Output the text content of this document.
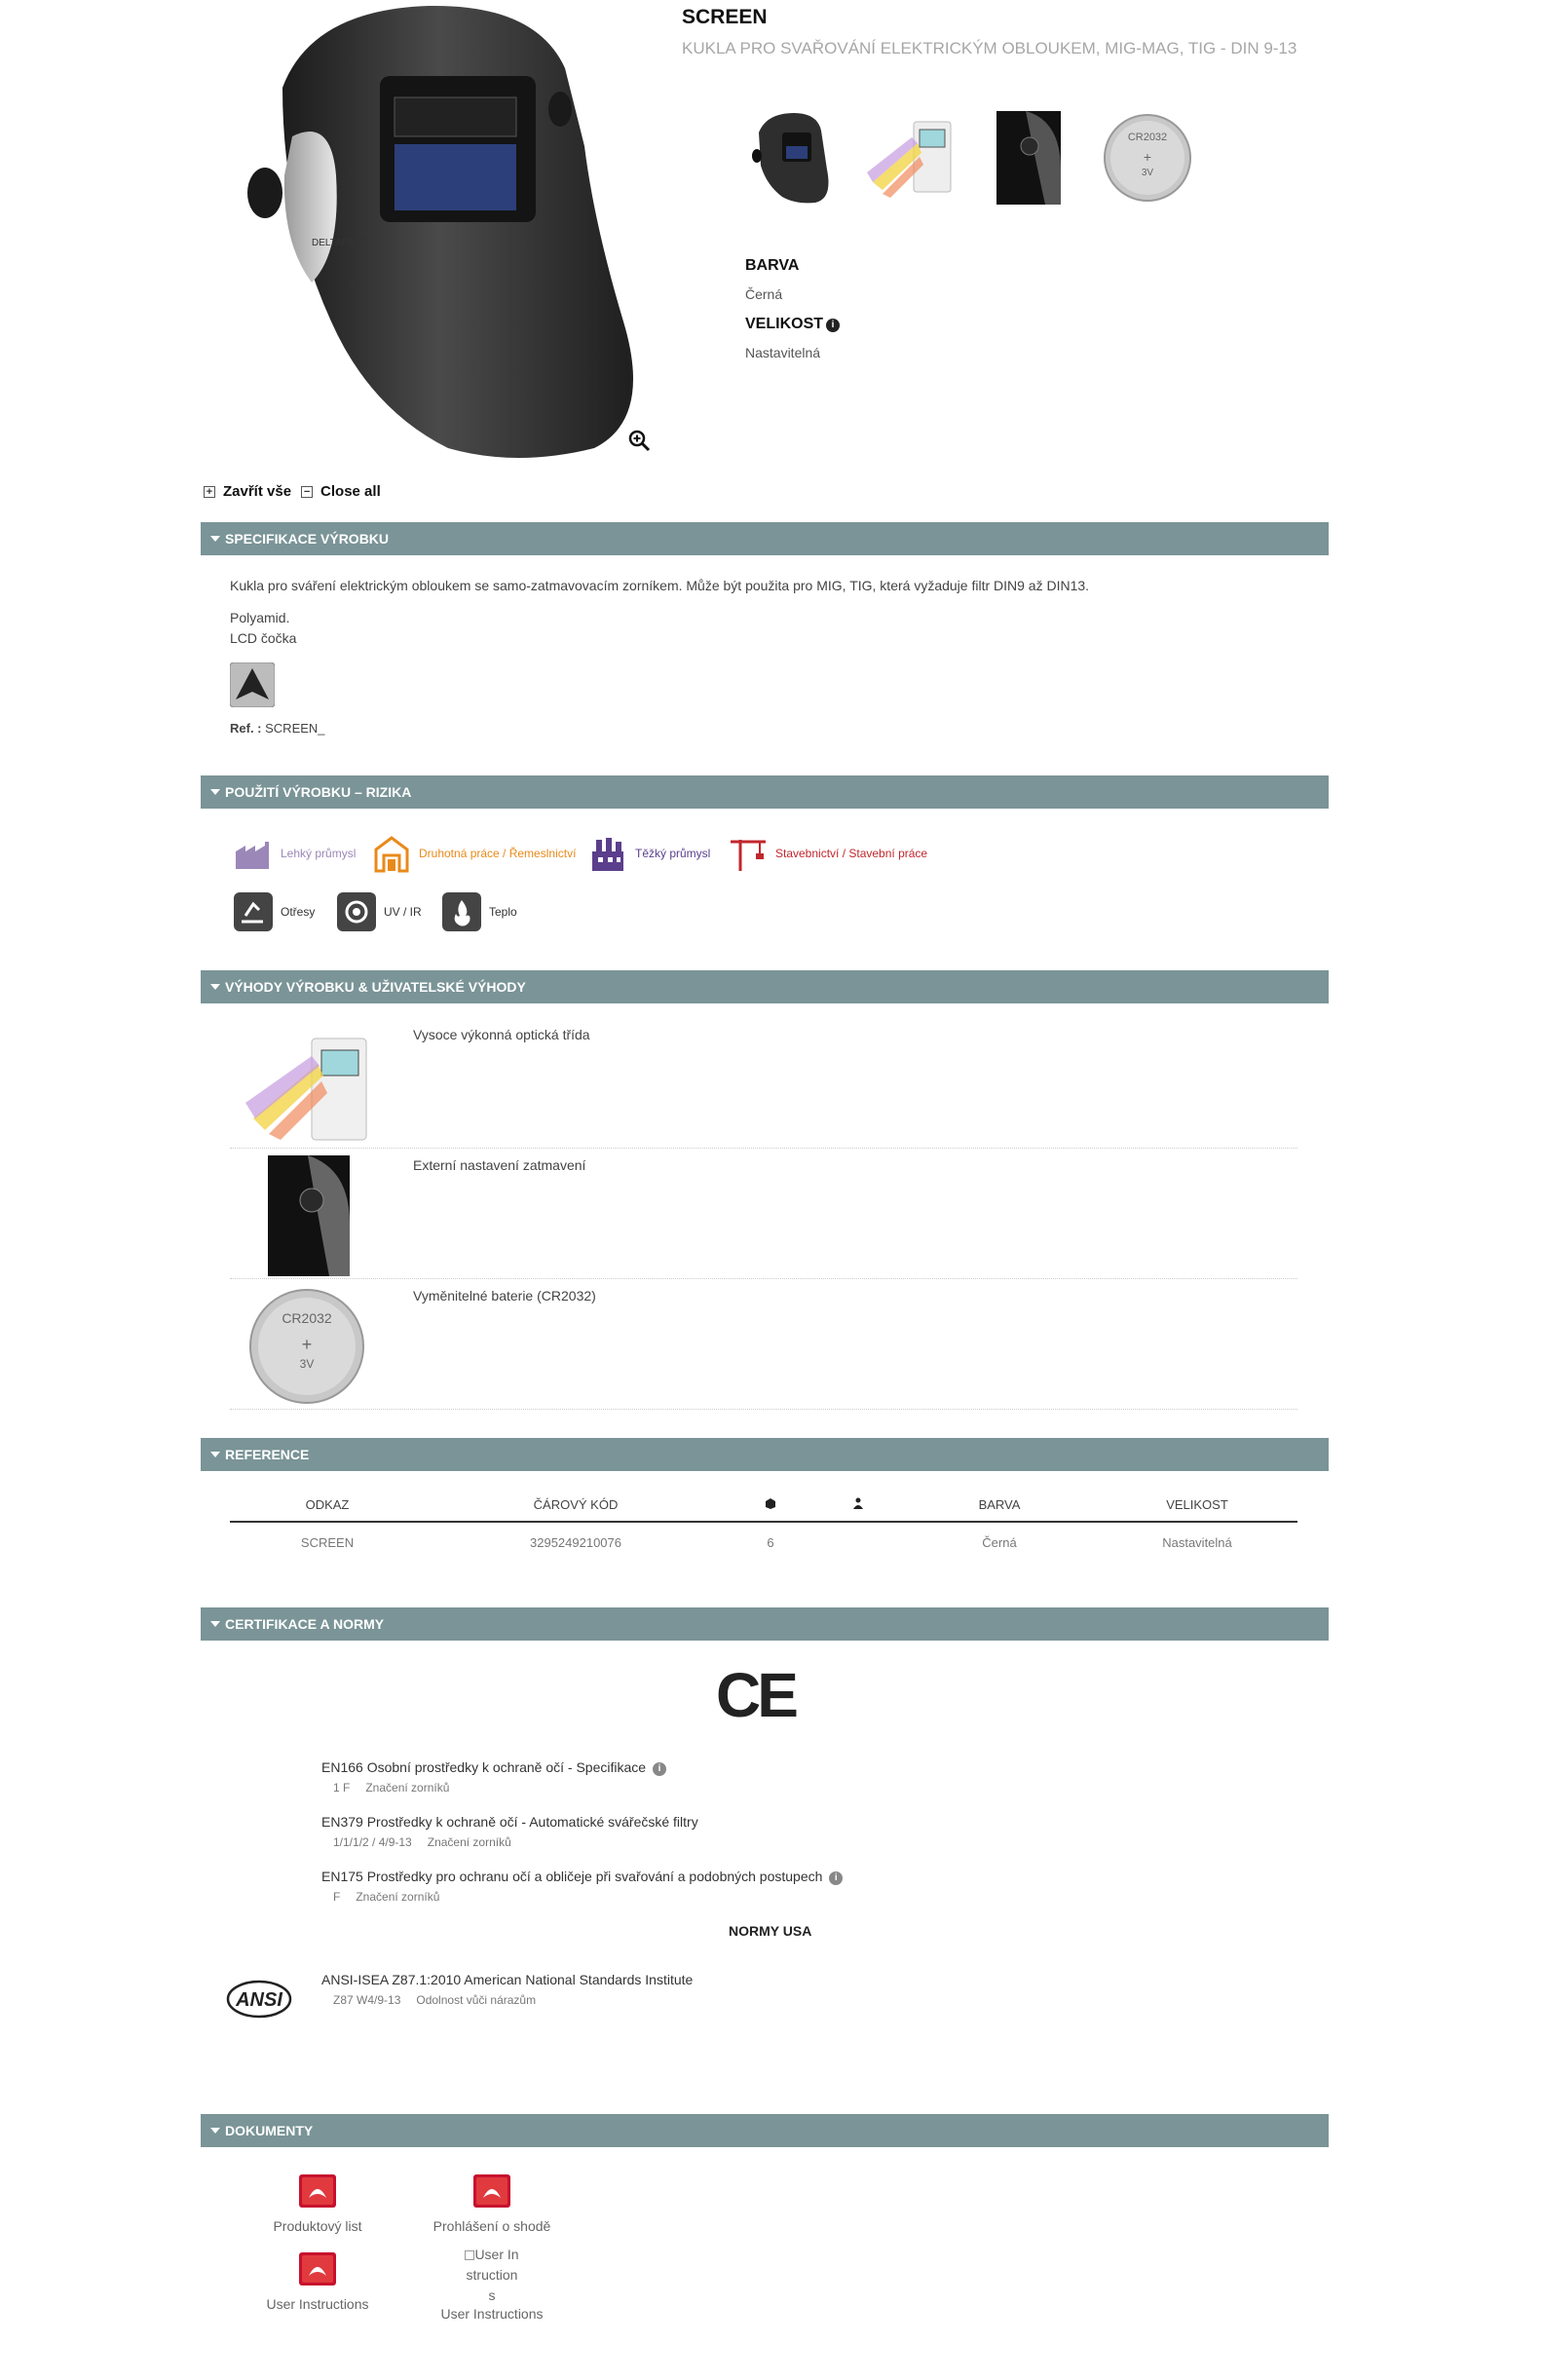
DELTAPLUS
SCREEN
KUKLA PRO SVAŘOVÁNÍ ELEKTRICKÝM OBLOUKEM, MIG-MAG, TIG - DIN 9-13
CR2032
+
3V
BARVA
Černá
VELIKOST i
Nastavitelná
+ Zavřít vše − Close all
SPECIFIKACE VÝROBKU
Kukla pro sváření elektrickým obloukem se samo-zatmavovacím zorníkem. Může být použita pro MIG, TIG, která vyžaduje filtr DIN9 až DIN13.
Polyamid.
LCD čočka
Ref. : SCREEN_
POUŽITÍ VÝROBKU – RIZIKA
Lehký průmysl	Druhotná práce / Řemeslnictví	Těžký průmysl	Stavebnictví / Stavební práce
Otřesy	UV / IR	Teplo
VÝHODY VÝROBKU & UŽIVATELSKÉ VÝHODY
Vysoce výkonná optická třída
Externí nastavení zatmavení
CR2032
+
3V
Vyměnitelné baterie (CR2032)
REFERENCE
ODKAZ	ČÁROVÝ KÓD			BARVA	VELIKOST
SCREEN	3295249210076	6		Černá	Nastavitelná
CERTIFIKACE A NORMY
CE
EN166 Osobní prostředky k ochraně očí - Specifikace i
1 F Značení zorníků
EN379 Prostředky k ochraně očí - Automatické svářečské filtry
1/1/1/2 / 4/9-13 Značení zorníků
EN175 Prostředky pro ochranu očí a obličeje při svařování a podobných postupech i
F Značení zorníků
NORMY USA
ANSI
ANSI-ISEA Z87.1:2010 American National Standards Institute
Z87 W4/9-13 Odolnost vůči nárazům
DOKUMENTY
Produktový list	Prohlášení o shodě
User Instructions
User Instructions
User Instructions
